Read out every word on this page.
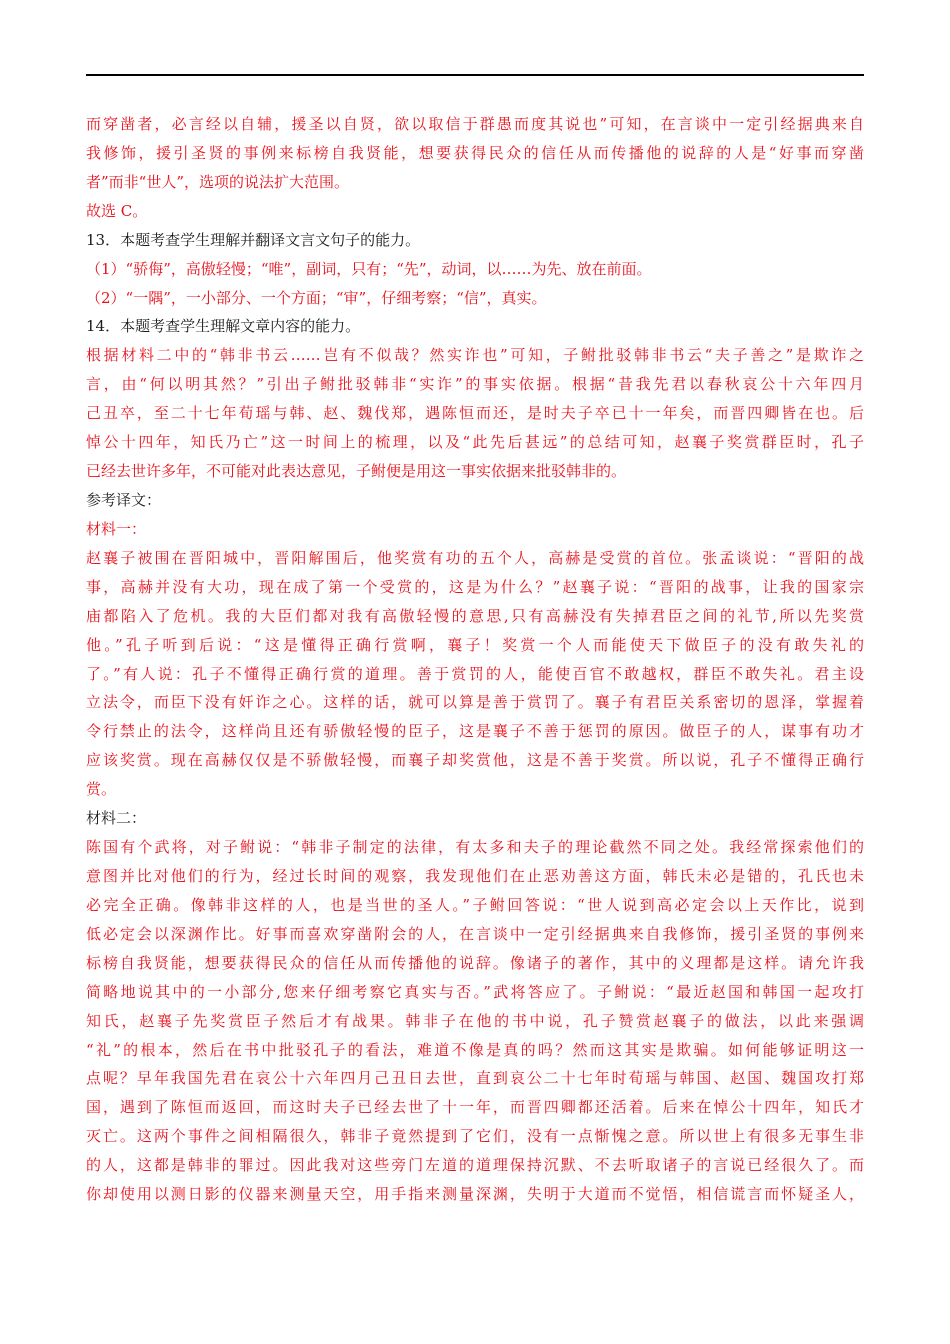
而穿凿者，必言经以自辅，援圣以自贤，欲以取信于群愚而度其说也”可知，在言谈中一定引经据典来自

我修饰，援引圣贤的事例来标榜自我贤能，想要获得民众的信任从而传播他的说辞的人是“好事而穿凿

者”而非“世人”，选项的说法扩大范围。

故选 C。

13．本题考查学生理解并翻译文言文句子的能力。

（1）“骄侮”，高傲轻慢；“唯”，副词，只有；“先”，动词，以……为先、放在前面。

（2）“一隅”，一小部分、一个方面；“审”，仔细考察；“信”，真实。

14．本题考查学生理解文章内容的能力。

根据材料二中的“韩非书云……岂有不似哉？然实诈也”可知，子鲋批驳韩非书云“夫子善之”是欺诈之

言，由“何以明其然？”引出子鲋批驳韩非“实诈”的事实依据。根据“昔我先君以春秋哀公十六年四月

己丑卒，至二十七年荀瑶与韩、赵、魏伐郑，遇陈恒而还，是时夫子卒已十一年矣，而晋四卿皆在也。后

悼公十四年，知氏乃亡”这一时间上的梳理，以及“此先后甚远”的总结可知，赵襄子奖赏群臣时，孔子

已经去世许多年，不可能对此表达意见，子鲋便是用这一事实依据来批驳韩非的。

参考译文：

材料一：

赵襄子被围在晋阳城中，晋阳解围后，他奖赏有功的五个人，高赫是受赏的首位。张孟谈说：“晋阳的战

事，高赫并没有大功，现在成了第一个受赏的，这是为什么？”赵襄子说：“晋阳的战事，让我的国家宗

庙都陷入了危机。我的大臣们都对我有高傲轻慢的意思,只有高赫没有失掉君臣之间的礼节,所以先奖赏

他。”孔子听到后说：“这是懂得正确行赏啊，襄子！奖赏一个人而能使天下做臣子的没有敢失礼的

了。”有人说：孔子不懂得正确行赏的道理。善于赏罚的人，能使百官不敢越权，群臣不敢失礼。君主设

立法令，而臣下没有奸诈之心。这样的话，就可以算是善于赏罚了。襄子有君臣关系密切的恩泽，掌握着

令行禁止的法令，这样尚且还有骄傲轻慢的臣子，这是襄子不善于惩罚的原因。做臣子的人，谋事有功才

应该奖赏。现在高赫仅仅是不骄傲轻慢，而襄子却奖赏他，这是不善于奖赏。所以说，孔子不懂得正确行

赏。

材料二：

陈国有个武将，对子鲋说：“韩非子制定的法律，有太多和夫子的理论截然不同之处。我经常探索他们的

意图并比对他们的行为，经过长时间的观察，我发现他们在止恶劝善这方面，韩氏未必是错的，孔氏也未

必完全正确。像韩非这样的人，也是当世的圣人。”子鲋回答说：“世人说到高必定会以上天作比，说到

低必定会以深渊作比。好事而喜欢穿凿附会的人，在言谈中一定引经据典来自我修饰，援引圣贤的事例来

标榜自我贤能，想要获得民众的信任从而传播他的说辞。像诸子的著作，其中的义理都是这样。请允许我

简略地说其中的一小部分,您来仔细考察它真实与否。”武将答应了。子鲋说：“最近赵国和韩国一起攻打

知氏，赵襄子先奖赏臣子然后才有战果。韩非子在他的书中说，孔子赞赏赵襄子的做法，以此来强调

“礼”的根本，然后在书中批驳孔子的看法，难道不像是真的吗？然而这其实是欺骗。如何能够证明这一

点呢？早年我国先君在哀公十六年四月己丑日去世，直到哀公二十七年时荀瑶与韩国、赵国、魏国攻打郑

国，遇到了陈恒而返回，而这时夫子已经去世了十一年，而晋四卿都还活着。后来在悼公十四年，知氏才

灭亡。这两个事件之间相隔很久，韩非子竟然提到了它们，没有一点惭愧之意。所以世上有很多无事生非

的人，这都是韩非的罪过。因此我对这些旁门左道的道理保持沉默、不去听取诸子的言说已经很久了。而

你却使用以测日影的仪器来测量天空，用手指来测量深渊，失明于大道而不觉悟，相信谎言而怀疑圣人，
